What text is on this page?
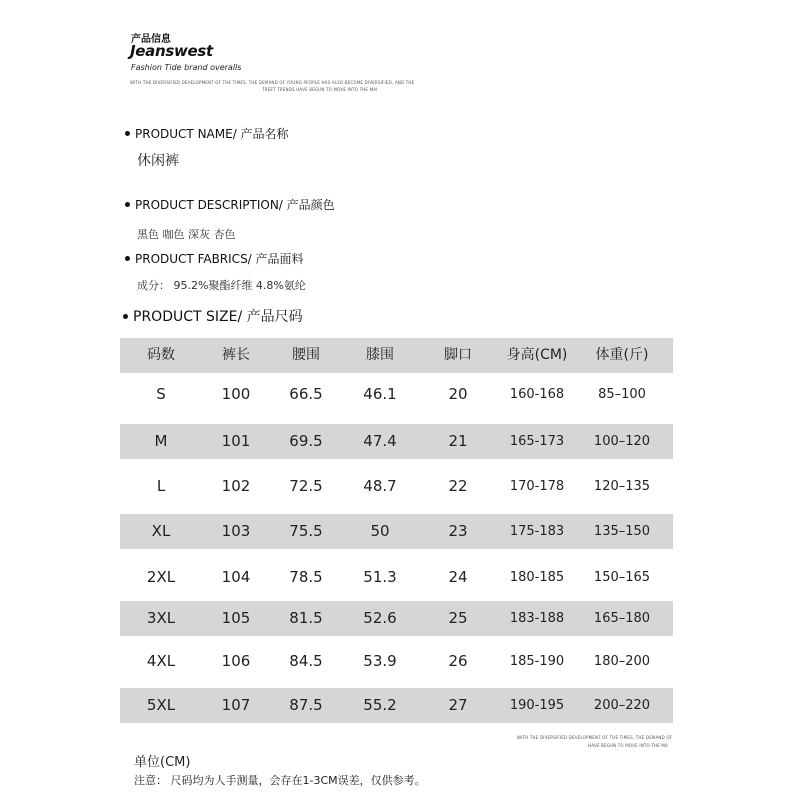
产品信息
Jeanswest
Fashion Tide brand overalls
WITH THE DIVERSIFIED DEVELOPMENT OF THE TIMES, THE DEMAND OF YOUNG PEOPLE HAS ALSO BECOME DIVERSIFIED, AND THE
TREET TRENDS HAVE BEGUN TO MOVE INTO THE MAI
PRODUCT NAME/ 产品名称
休闲裤
PRODUCT DESCRIPTION/ 产品颜色
黑色 咖色 深灰 杏色
PRODUCT FABRICS/ 产品面料
成分： 95.2%聚酯纤维 4.8%氨纶
PRODUCT SIZE/ 产品尺码
码数	裤长	腰围	膝围	脚口	身高(CM)	体重(斤)
S	100	66.5	46.1	20	160-168	85–100
M	101	69.5	47.4	21	165-173	100–120
L	102	72.5	48.7	22	170-178	120–135
XL	103	75.5	50	23	175-183	135–150
2XL	104	78.5	51.3	24	180-185	150–165
3XL	105	81.5	52.6	25	183-188	165–180
4XL	106	84.5	53.9	26	185-190	180–200
5XL	107	87.5	55.2	27	190-195	200–220
WITH THE DIVERSIFIED DEVELOPMENT OF THE TIMES, THE DEMAND OF
HAVE BEGUN TO MOVE INTO THE MA
单位(CM)
注意： 尺码均为人手测量，会存在1-3CM误差，仅供参考。
